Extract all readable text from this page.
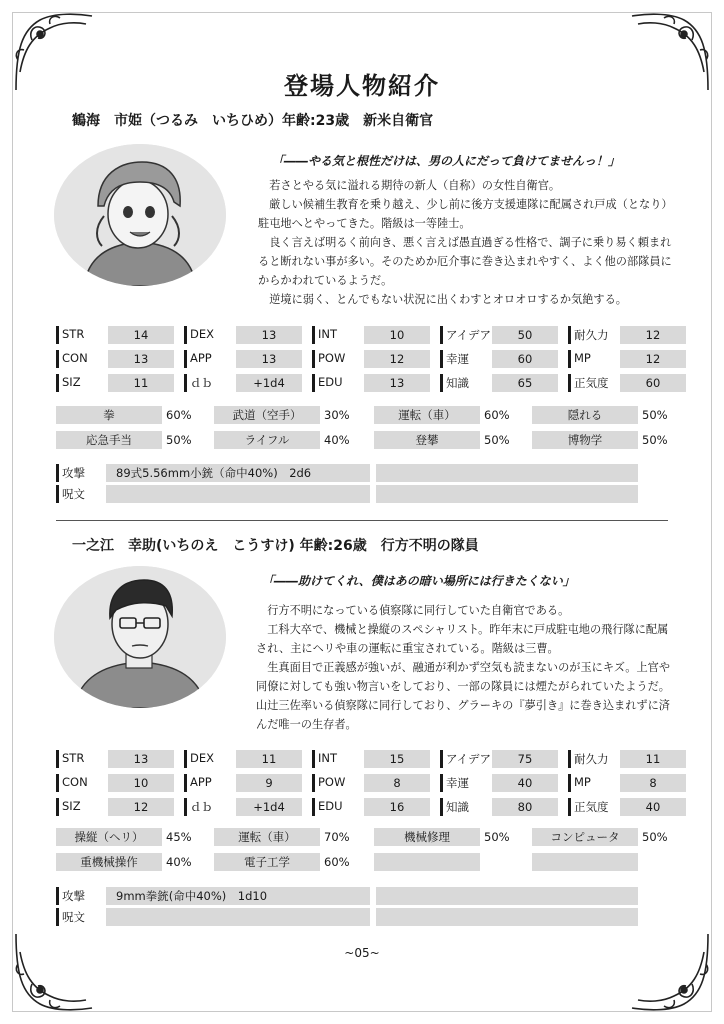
登場人物紹介
鶴海　市姫（つるみ　いちひめ）年齢:23歳　新米自衛官
「――やる気と根性だけは、男の人にだって負けてませんっ！」

若さとやる気に溢れる期待の新人（自称）の女性自衛官。

厳しい候補生教育を乗り越え、少し前に後方支援連隊に配属され戸成（となり）駐屯地へとやってきた。階級は一等陸士。

良く言えば明るく前向き、悪く言えば愚直過ぎる性格で、調子に乗り易く頼まれると断れない事が多い。そのためか厄介事に巻き込まれやすく、よく他の部隊員にからかわれているようだ。

逆境に弱く、とんでもない状況に出くわすとオロオロするか気絶する。

STR	14	DEX	13	INT	10	アイデア	50	耐久力	12
CON	13	APP	13	POW	12	幸運	60	MP	12
SIZ	11	ｄｂ	+1d4	EDU	13	知識	65	正気度	60
拳	60%	武道（空手）	30%	運転（車）	60%	隠れる	50%
応急手当	50%	ライフル	40%	登攀	50%	博物学	50%
攻撃	89式5.56mm小銃（命中40%)　2d6
呪文
一之江　幸助(いちのえ　こうすけ) 年齢:26歳　行方不明の隊員
「――助けてくれ、僕はあの暗い場所には行きたくない」

行方不明になっている偵察隊に同行していた自衛官である。

工科大卒で、機械と操縦のスペシャリスト。昨年末に戸成駐屯地の飛行隊に配属され、主にヘリや車の運転に重宝されている。階級は三曹。

生真面目で正義感が強いが、融通が利かず空気も読まないのが玉にキズ。上官や同僚に対しても強い物言いをしており、一部の隊員には煙たがられていたようだ。山辻三佐率いる偵察隊に同行しており、グラーキの『夢引き』に巻き込まれずに済んだ唯一の生存者。

STR	13	DEX	11	INT	15	アイデア	75	耐久力	11
CON	10	APP	9	POW	8	幸運	40	MP	8
SIZ	12	ｄｂ	+1d4	EDU	16	知識	80	正気度	40
操縦（ヘリ）	45%	運転（車）	70%	機械修理	50%	コンピュータ	50%
重機械操作	40%	電子工学	60%
攻撃	9mm拳銃(命中40%)　1d10
呪文
~05~
